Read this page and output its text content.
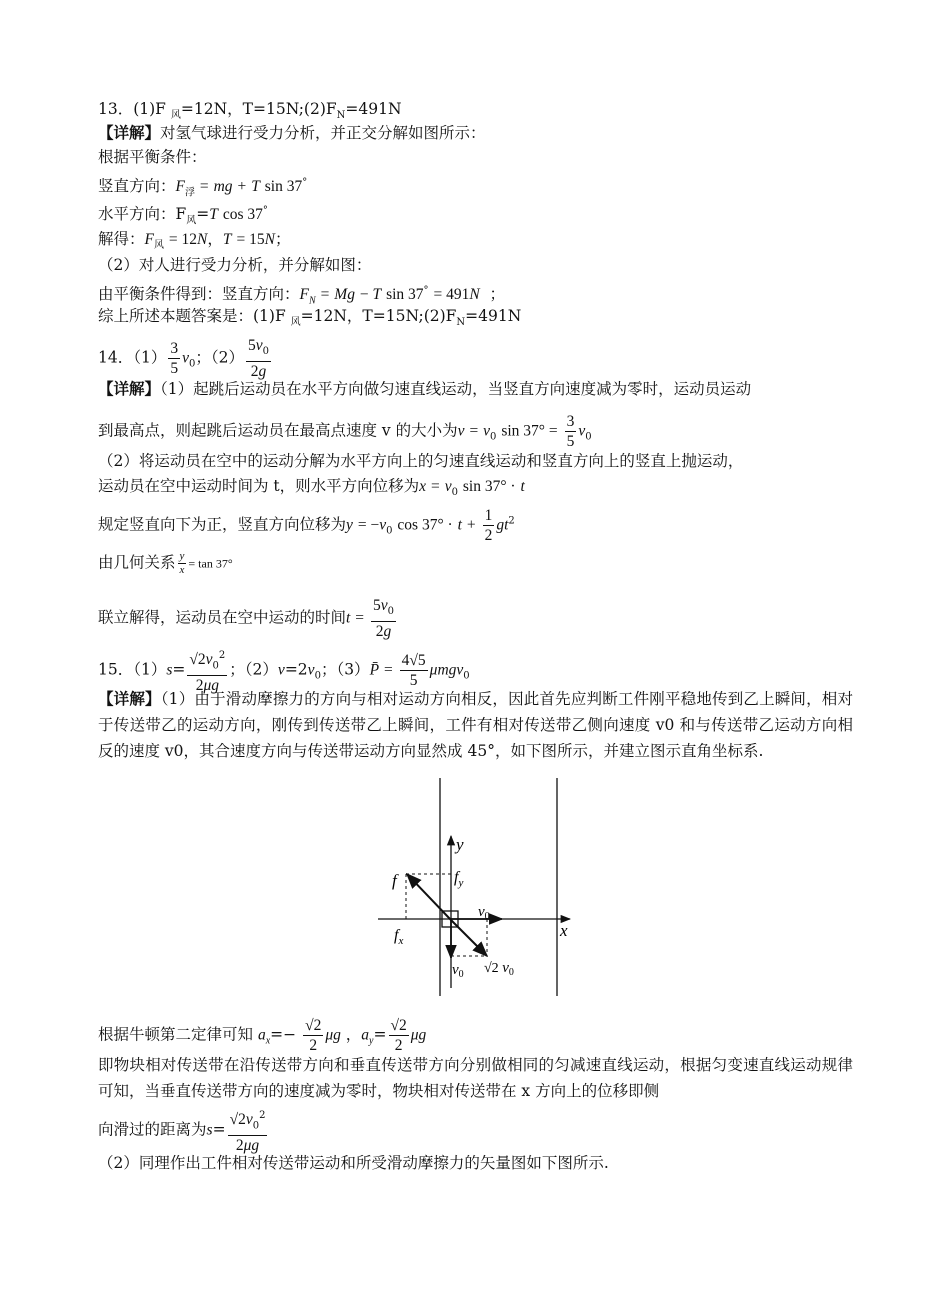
13．(1)F $_风$=12N，$T=15N;(2)F_N=491N$
【详解】对氢气球进行受力分析，并正交分解如图所示：
根据平衡条件：
竖直方向：$F_浮$ = mg + T sin 37°
水平方向：$F_风=T$ cos 37°
解得：$F_风 = 12N$，T = 15N；
（2）对人进行受力分析，并分解如图：
由平衡条件得到：竖直方向：$F_N = Mg - T$ sin 37° = 491N  ；
综上所述本题答案是：(1)F $_风$=12N，$T=15N;(2)F_N=491N$
14．$(1) \frac{3}{5} v_0$；$(2) \frac{5v_0}{2g}$
【详解】（1）起跳后运动员在水平方向做匀速直线运动，当竖直方向速度减为零时，运动员运动
到最高点，则起跳后运动员在最高点速度 v 的大小为$v = v_0$ $\sin 37^\circ = \frac{3}{5} v_0$
（2）将运动员在空中的运动分解为水平方向上的匀速直线运动和竖直方向上的竖直上抛运动，
运动员在空中运动时间为 t，则水平方向位移为$x = v_0$ sin 37° · t
规定竖直向下为正，竖直方向位移为$y = -v_0$ $\cos 37^\circ \cdot t + \frac{1}{2} gt^2$
由几何关系 $\frac{y}{x} = \tan 37^\circ$
联立解得，运动员在空中运动的时间$t = \frac{5v_0}{2g}$
15．$(1)s= \frac{√2v_0^2}{2\mu g}$ ；$(2)v=2v_0$；（3）P̄ = $\frac{4√5}{5} \mu mgv_0$
【详解】（1）由于滑动摩擦力的方向与相对运动方向相反，因此首先应判断工件刚平稳地传到乙上瞬间，相对于传送带乙的运动方向，刚传到传送带乙上瞬间，工件有相对传送带乙侧向速度 v0 和与传送带乙运动方向相反的速度 v0，其合速度方向与传送带运动方向显然成 45°，如下图所示，并建立图示直角坐标系.
y
x
f	$f_y$
$f_x$
$v_0$
$v_0$ √2 $v_0$
根据牛顿第二定律可知 $a_x=- \frac{√2}{2}$ μg ，$a_y= \frac{√2}{2}$ μg
即物块相对传送带在沿传送带方向和垂直传送带方向分别做相同的匀减速直线运动，根据匀变速直线运动规律可知，当垂直传送带方向的速度减为零时，物块相对传送带在 x 方向上的位移即侧
向滑过的距离为$s= \frac{√2v_0^2}{2\mu g}$
（2）同理作出工件相对传送带运动和所受滑动摩擦力的矢量图如下图所示.
